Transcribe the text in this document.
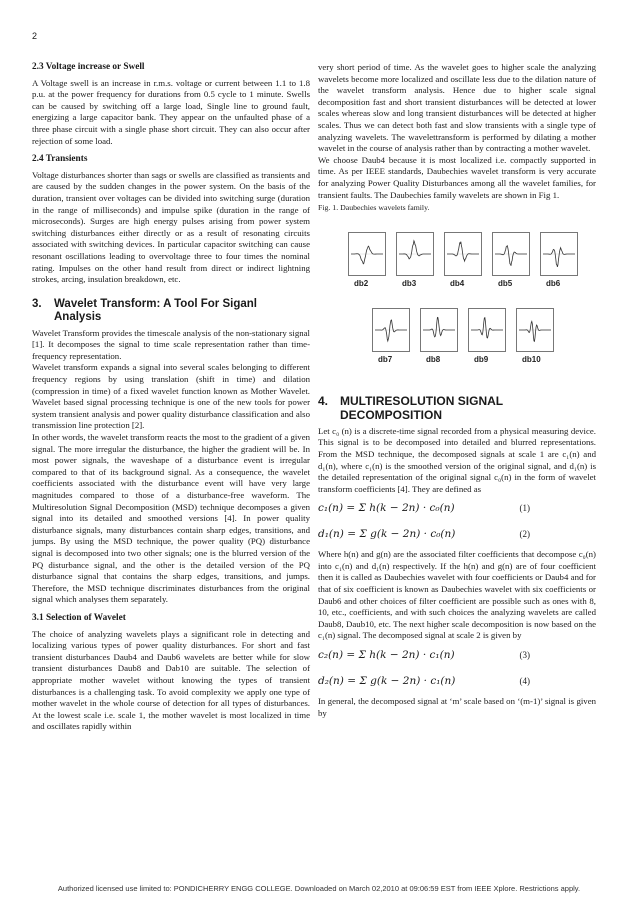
2
2.3 Voltage increase or Swell

A Voltage swell is an increase in r.m.s. voltage or current between 1.1 to 1.8 p.u. at the power frequency for durations from 0.5 cycle to 1 minute. Swells can be caused by switching off a large load, Single line to ground fault, energizing a large capacitor bank. They appear on the unfaulted phase of a three phase circuit with a single phase short circuit. They can also occur after rejection of some load.

2.4 Transients

Voltage disturbances shorter than sags or swells are classified as transients and are caused by the sudden changes in the power system. On the basis of the duration, transient over voltages can be divided into switching surge (duration in the range of milliseconds) and impulse spike (duration in the range of microseconds). Surges are high energy pulses arising from power system switching disturbances either directly or as a result of resonating circuits associated with switching devices. In particular capacitor switching can cause resonant oscillations leading to overvoltage three to four times the nominal rating. Impulses on the other hand result from direct or indirect lightning strokes, arcing, insulation breakdown, etc.

3. Wavelet Transform: A Tool For Siganl
Analysis

Wavelet Transform provides the timescale analysis of the non-stationary signal [1]. It decomposes the signal to time scale representation rather than time- frequency representation.

Wavelet transform expands a signal into several scales belonging to different frequency regions by using translation (shift in time) and dilation (compression in time) of a fixed wavelet function known as Mother Wavelet. Wavelet based signal processing technique is one of the new tools for power system transient analysis and power quality disturbance classification and also transmission line protection [2].

In other words, the wavelet transform reacts the most to the gradient of a given signal. The more irregular the disturbance, the higher the gradient will be. In most power signals, the waveshape of a disturbance event is irregular compared to that of its background signal. As a consequence, the wavelet coefficients associated with the disturbance event will have very large magnitudes compared to those of a disturbance-free waveform. The Multiresolution Signal Decomposition (MSD) technique decomposes a given signal into its detailed and smoothed versions [4]. In power quality disturbance signals, many disturbances contain sharp edges, transitions, and jumps. By using the MSD technique, the power quality (PQ) disturbance signal is decomposed into two other signals; one is the blurred version of the PQ disturbance signal, and the other is the detailed version of the PQ disturbance signal that contains the sharp edges, transitions, and jumps. Therefore, the MSD technique discriminates disturbances from the original signal which analyses them separately.

3.1 Selection of Wavelet

The choice of analyzing wavelets plays a significant role in detecting and localizing various types of power quality disturbances. For short and fast transient disturbances Daub4 and Daub6 wavelets are better while for slow transient disturbances Daub8 and Dab10 are suitable. The selection of appropriate mother wavelet without knowing the types of transient disturbances is a challenging task. To avoid complexity we apply one type of mother wavelet in the whole course of detection for all types of disturbances. At the lowest scale i.e. scale 1, the mother wavelet is most localized in time and oscillates rapidly within

very short period of time. As the wavelet goes to higher scale the analyzing wavelets become more localized and oscillate less due to the dilation nature of the wavelet transform analysis. Hence due to higher scale signal decomposition fast and short transient disturbances will be detected at lower scales whereas slow and long transient disturbances will be detected at higher scales. Thus we can detect both fast and slow transients with a single type of analyzing wavelets. The wavelettransform is performed by dilating a mother wavelet in the course of analysis rather than by contracting a mother wavelet.

We choose Daub4 because it is most localized i.e. compactly supported in time. As per IEEE standards, Daubechies wavelet transform is very accurate for analyzing Power Quality Disturbances among all the wavelet families, for transient faults. The Daubechies family wavelets are shown in Fig 1.

Fig. 1. Daubechies wavelets family.
db2	db3	db4	db5	db6
db7	db8	db9	db10
4. MULTIRESOLUTION SIGNAL
DECOMPOSITION

Let c₀ (n) is a discrete-time signal recorded from a physical measuring device. This signal is to be decomposed into detailed and blurred representations. From the MSD technique, the decomposed signals at scale 1 are c₁(n) and d₁(n), where c₁(n) is the smoothed version of the original signal, and d₁(n) is the detailed representation of the original signal c₀(n) in the form of wavelet transform coefficients [4]. They are defined as

c₁(n) = Σ h(k − 2n) · c₀(n)	(1)
d₁(n) = Σ g(k − 2n) · c₀(n)	(2)

Where h(n) and g(n) are the associated filter coefficients that decompose c₀(n) into c₁(n) and d₁(n) respectively. If the h(n) and g(n) are of four coefficient then it is called as Daubechies wavelet with four coefficients or Daub4 and for that of six coefficient is known as Daubechies wavelet with six coefficients or Daub6 and other choices of filter coefficient are possible such as ones with 8, 10, etc., coefficients, and with such choices the analyzing wavelets are called Daub8, Daub10, etc. The next higher scale decomposition is now based on the c₁(n) signal. The decomposed signal at scale 2 is given by

c₂(n) = Σ h(k − 2n) · c₁(n)	(3)
d₂(n) = Σ g(k − 2n) · c₁(n)	(4)

In general, the decomposed signal at ‘m’ scale based on ‘(m-1)’ signal is given by

Authorized licensed use limited to: PONDICHERRY ENGG COLLEGE. Downloaded on March 02,2010 at 09:06:59 EST from IEEE Xplore. Restrictions apply.
